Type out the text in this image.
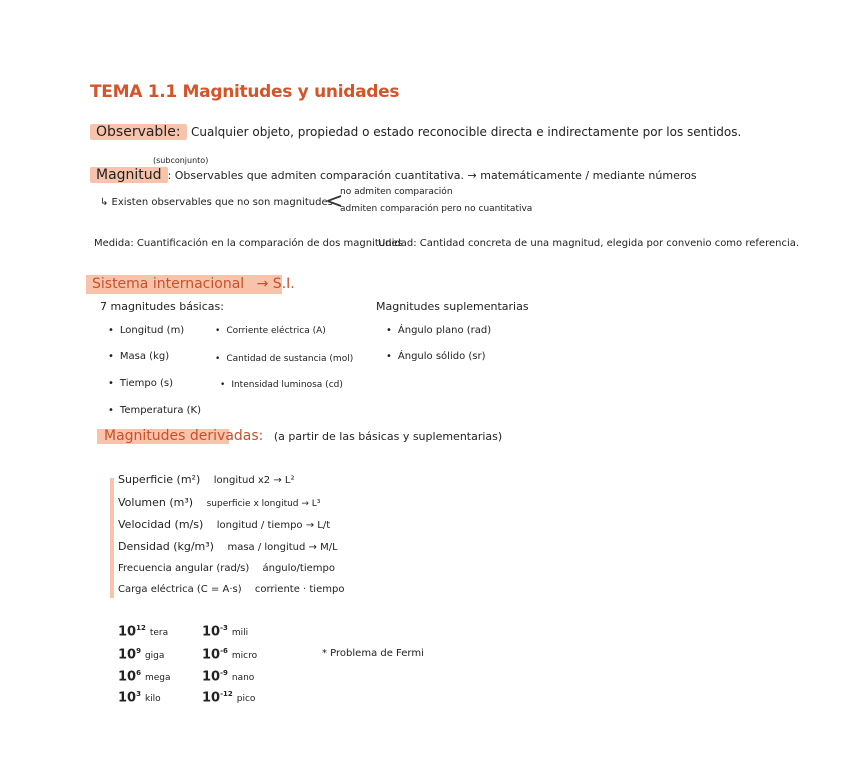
TEMA 1.1 Magnitudes y unidades
Observable: Cualquier objeto, propiedad o estado reconocible directa e indirectamente por los sentidos.
(subconjunto)
Magnitud : Observables que admiten comparación cuantitativa. → matemáticamente / mediante números
↳ Existen observables que no son magnitudes
<
no admiten comparación
admiten comparación pero no cuantitativa
Medida: Cuantificación en la comparación de dos magnitudes
Unidad: Cantidad concreta de una magnitud, elegida por convenio como referencia.
Sistema internacional → S.I.
7 magnitudes básicas:
• Longitud (m)
• Masa (kg)
• Tiempo (s)
• Temperatura (K)
• Corriente eléctrica (A)
• Cantidad de sustancia (mol)
• Intensidad luminosa (cd)
Magnitudes suplementarias
• Ángulo plano (rad)
• Ángulo sólido (sr)
Magnitudes derivadas: (a partir de las básicas y suplementarias)
Superficie (m²) longitud x2 → L²
Volumen (m³) superficie x longitud → L³
Velocidad (m/s) longitud / tiempo → L/t
Densidad (kg/m³) masa / longitud → M/L
Frecuencia angular (rad/s) ángulo/tiempo
Carga eléctrica (C = A·s) corriente · tiempo
$10^{12}tera$
$10^9giga$
$10^6mega$
$10^3kilo$
$10^{-3}mili$
$10^{-6}micro$
$10^{-9}nano$
$10^{-12}pico$
* Problema de Fermi
